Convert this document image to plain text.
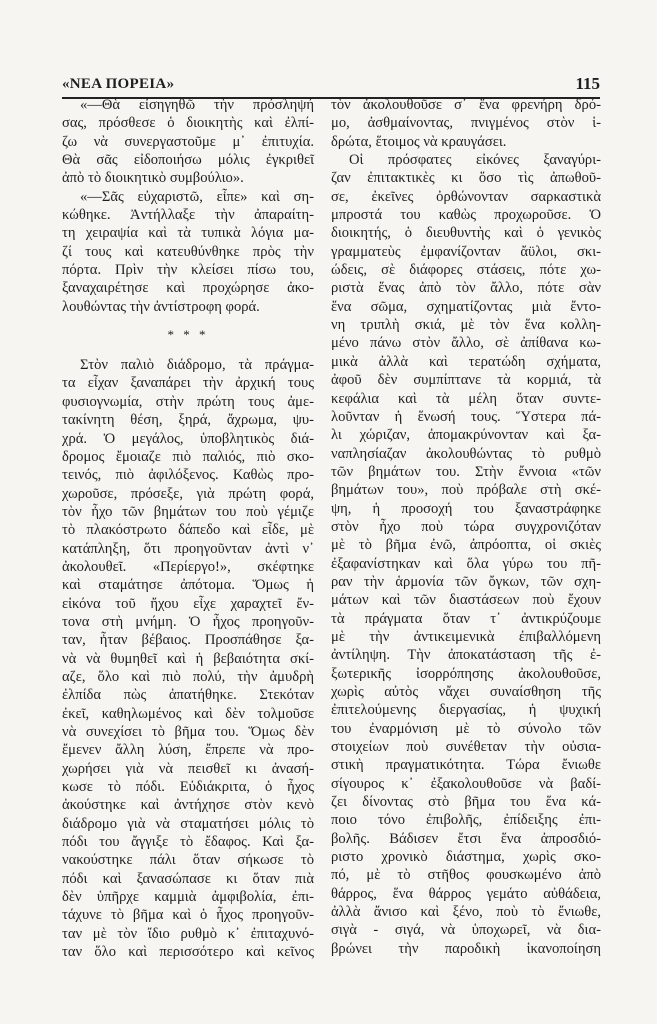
«ΝΕΑ ΠΟΡΕΙΑ»	115
«—Θὰ εἰσηγηθῶ τὴν πρόσληψή
σας, πρόσθεσε ὁ διοικητὴς καὶ ἐλπί-
ζω νὰ συνεργαστοῦμε μ᾽ ἐπιτυχία.
Θὰ σᾶς εἰδοποιήσω μόλις ἐγκριθεῖ
ἀπὸ τὸ διοικητικὸ συμβούλιο».
«—Σᾶς εὐχαριστῶ, εἶπε» καὶ ση-
κώθηκε. Ἀντήλλαξε τὴν ἀπαραίτη-
τη χειραψία καὶ τὰ τυπικὰ λόγια μα-
ζί τους καὶ κατευθύνθηκε πρὸς τὴν
πόρτα. Πρὶν τὴν κλείσει πίσω του,
ξαναχαιρέτησε καὶ προχώρησε ἀκο-
λουθώντας τὴν ἀντίστροφη φορά.
* * *
Στὸν παλιὸ διάδρομο, τὰ πράγμα-
τα εἶχαν ξαναπάρει τὴν ἀρχική τους
φυσιογνωμία, στὴν πρώτη τους ἀμε-
τακίνητη θέση, ξηρά, ἄχρωμα, ψυ-
χρά. Ὁ μεγάλος, ὑποβλητικὸς διά-
δρομος ἔμοιαζε πιὸ παλιός, πιὸ σκο-
τεινός, πιὸ ἀφιλόξενος. Καθὼς προ-
χωροῦσε, πρόσεξε, γιὰ πρώτη φορά,
τὸν ἦχο τῶν βημάτων του ποὺ γέμιζε
τὸ πλακόστρωτο δάπεδο καὶ εἶδε, μὲ
κατάπληξη, ὅτι προηγοῦνταν ἀντὶ ν᾽
ἀκολουθεῖ. «Περίεργο!», σκέφτηκε
καὶ σταμάτησε ἀπότομα. Ὅμως ἡ
εἰκόνα τοῦ ἤχου εἶχε χαραχτεῖ ἔν-
τονα στὴ μνήμη. Ὁ ἦχος προηγοῦν-
ταν, ἦταν βέβαιος. Προσπάθησε ξα-
νὰ νὰ θυμηθεῖ καὶ ἡ βεβαιότητα σκί-
αζε, ὅλο καὶ πιὸ πολύ, τὴν ἀμυδρὴ
ἐλπίδα πὼς ἀπατήθηκε. Στεκόταν
ἐκεῖ, καθηλωμένος καὶ δὲν τολμοῦσε
νὰ συνεχίσει τὸ βῆμα του. Ὅμως δὲν
ἔμενεν ἄλλη λύση, ἔπρεπε νὰ προ-
χωρήσει γιὰ νὰ πεισθεῖ κι ἀνασή-
κωσε τὸ πόδι. Εὐδιάκριτα, ὁ ἦχος
ἀκούστηκε καὶ ἀντήχησε στὸν κενὸ
διάδρομο γιὰ νὰ σταματήσει μόλις τὸ
πόδι του ἄγγιξε τὸ ἔδαφος. Καὶ ξα-
νακούστηκε πάλι ὅταν σήκωσε τὸ
πόδι καὶ ξανασώπασε κι ὅταν πιὰ
δὲν ὑπῆρχε καμμιὰ ἀμφιβολία, ἐπι-
τάχυνε τὸ βῆμα καὶ ὁ ἦχος προηγοῦν-
ταν μὲ τὸν ἴδιο ρυθμὸ κ᾽ ἐπιταχυνό-
ταν ὅλο καὶ περισσότερο καὶ κεῖνος
τὸν ἀκολουθοῦσε σ᾽ ἕνα φρενήρη δρό-
μο, ἀσθμαίνοντας, πνιγμένος στὸν ἱ-
δρώτα, ἕτοιμος νὰ κραυγάσει.
Οἱ πρόσφατες εἰκόνες ξαναγύρι-
ζαν ἐπιτακτικὲς κι ὅσο τὶς ἀπωθοῦ-
σε, ἐκεῖνες ὀρθώνονταν σαρκαστικὰ
μπροστά του καθὼς προχωροῦσε. Ὁ
διοικητής, ὁ διευθυντὴς καὶ ὁ γενικὸς
γραμματεὺς ἐμφανίζονταν ἄϋλοι, σκι-
ώδεις, σὲ διάφορες στάσεις, πότε χω-
ριστὰ ἕνας ἀπὸ τὸν ἄλλο, πότε σὰν
ἕνα σῶμα, σχηματίζοντας μιὰ ἔντο-
νη τριπλὴ σκιά, μὲ τὸν ἕνα κολλη-
μένο πάνω στὸν ἄλλο, σὲ ἀπίθανα κω-
μικὰ ἀλλὰ καὶ τερατώδη σχήματα,
ἀφοῦ δὲν συμπίπτανε τὰ κορμιά, τὰ
κεφάλια καὶ τὰ μέλη ὅταν συντε-
λοῦνταν ἡ ἕνωσή τους. Ὕστερα πά-
λι χώριζαν, ἀπομακρύνονταν καὶ ξα-
ναπλησίαζαν ἀκολουθώντας τὸ ρυθμὸ
τῶν βημάτων του. Στὴν ἔννοια «τῶν
βημάτων του», ποὺ πρόβαλε στὴ σκέ-
ψη, ἡ προσοχή του ξαναστράφηκε
στὸν ἦχο ποὺ τώρα συγχρονιζόταν
μὲ τὸ βῆμα ἐνῶ, ἀπρόοπτα, οἱ σκιὲς
ἐξαφανίστηκαν καὶ ὅλα γύρω του πῆ-
ραν τὴν ἁρμονία τῶν ὄγκων, τῶν σχη-
μάτων καὶ τῶν διαστάσεων ποὺ ἔχουν
τὰ πράγματα ὅταν τ᾽ ἀντικρύζουμε
μὲ τὴν ἀντικειμενικὰ ἐπιβαλλόμενη
ἀντίληψη. Τὴν ἀποκατάσταση τῆς ἐ-
ξωτερικῆς ἰσορρόπησης ἀκολουθοῦσε,
χωρὶς αὐτὸς νἄχει συναίσθηση τῆς
ἐπιτελούμενης διεργασίας, ἡ ψυχική
του ἐναρμόνιση μὲ τὸ σύνολο τῶν
στοιχείων ποὺ συνέθεταν τὴν οὐσια-
στικὴ πραγματικότητα. Τώρα ἔνιωθε
σίγουρος κ᾽ ἐξακολουθοῦσε νὰ βαδί-
ζει δίνοντας στὸ βῆμα του ἕνα κά-
ποιο τόνο ἐπιβολῆς, ἐπίδειξης ἐπι-
βολῆς. Βάδισεν ἔτσι ἕνα ἀπροσδιό-
ριστο χρονικὸ διάστημα, χωρὶς σκο-
πό, μὲ τὸ στῆθος φουσκωμένο ἀπὸ
θάρρος, ἕνα θάρρος γεμάτο αὐθάδεια,
ἀλλὰ ἄνισο καὶ ξένο, ποὺ τὸ ἔνιωθε,
σιγὰ - σιγά, νὰ ὑποχωρεῖ, νὰ δια-
βρώνει τὴν παροδικὴ ἱκανοποίηση
